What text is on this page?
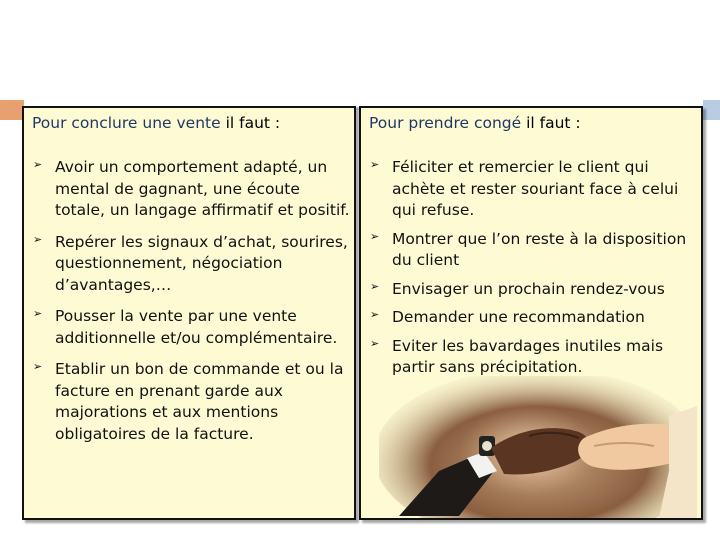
Pour conclure une vente il faut :
➢ Avoir un comportement adapté, un mental de gagnant, une écoute totale, un langage affirmatif et positif.
➢ Repérer les signaux d’achat, sourires, questionnement, négociation d’avantages,…
➢ Pousser la vente par une vente additionnelle et/ou complémentaire.
➢ Etablir un bon de commande et ou la facture en prenant garde aux majorations et aux mentions obligatoires de la facture.
Pour prendre congé il faut :
➢ Féliciter et remercier le client qui achète et rester souriant face à celui qui refuse.
➢ Montrer que l’on reste à la disposition du client
➢ Envisager un prochain rendez-vous
➢ Demander une recommandation
➢ Eviter les bavardages inutiles mais partir sans précipitation.
